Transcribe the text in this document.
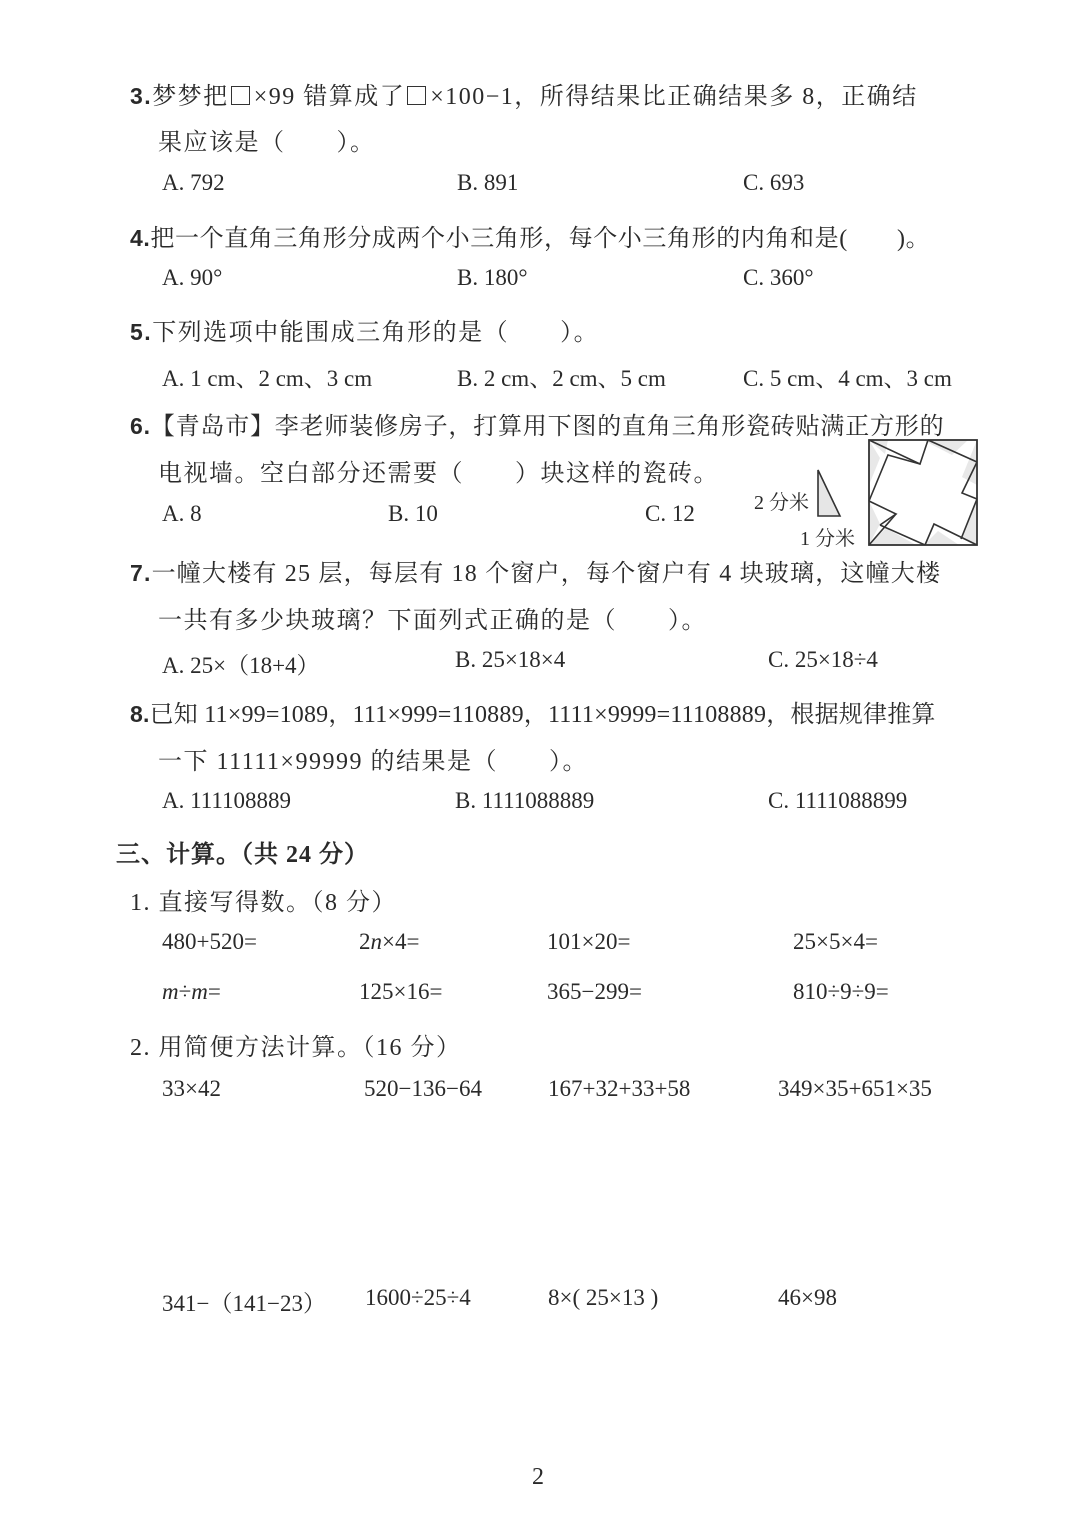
3.梦梦把 ×99 错算成了 ×100−1，所得结果比正确结果多 8，正确结
果应该是（　　）。
A. 792	B. 891	C. 693
4.把一个直角三角形分成两个小三角形，每个小三角形的内角和是(　　)。
A. 90°	B. 180°	C. 360°
5.下列选项中能围成三角形的是（　　）。
A. 1 cm、2 cm、3 cm	B. 2 cm、2 cm、5 cm	C. 5 cm、4 cm、3 cm
6.【青岛市】李老师装修房子，打算用下图的直角三角形瓷砖贴满正方形的
电视墙。空白部分还需要（　　）块这样的瓷砖。
A. 8	B. 10	C. 12	2 分米
1 分米
7.一幢大楼有 25 层，每层有 18 个窗户，每个窗户有 4 块玻璃，这幢大楼
一共有多少块玻璃？下面列式正确的是（　　）。
A. 25×（18+4）	B. 25×18×4	C. 25×18÷4
8.已知 11×99=1089，111×999=110889，1111×9999=11108889，根据规律推算
一下 11111×99999 的结果是（　　）。
A. 111108889	B. 1111088889	C. 1111088899
三、计算。（共 24 分）
1. 直接写得数。（8 分）
480+520=	2n×4=	101×20=	25×5×4=
m÷m=	125×16=	365−299=	810÷9÷9=
2. 用简便方法计算。（16 分）
33×42	520−136−64	167+32+33+58	349×35+651×35
341−（141−23） 1600÷25÷4	8×( 25×13 )	46×98
2
